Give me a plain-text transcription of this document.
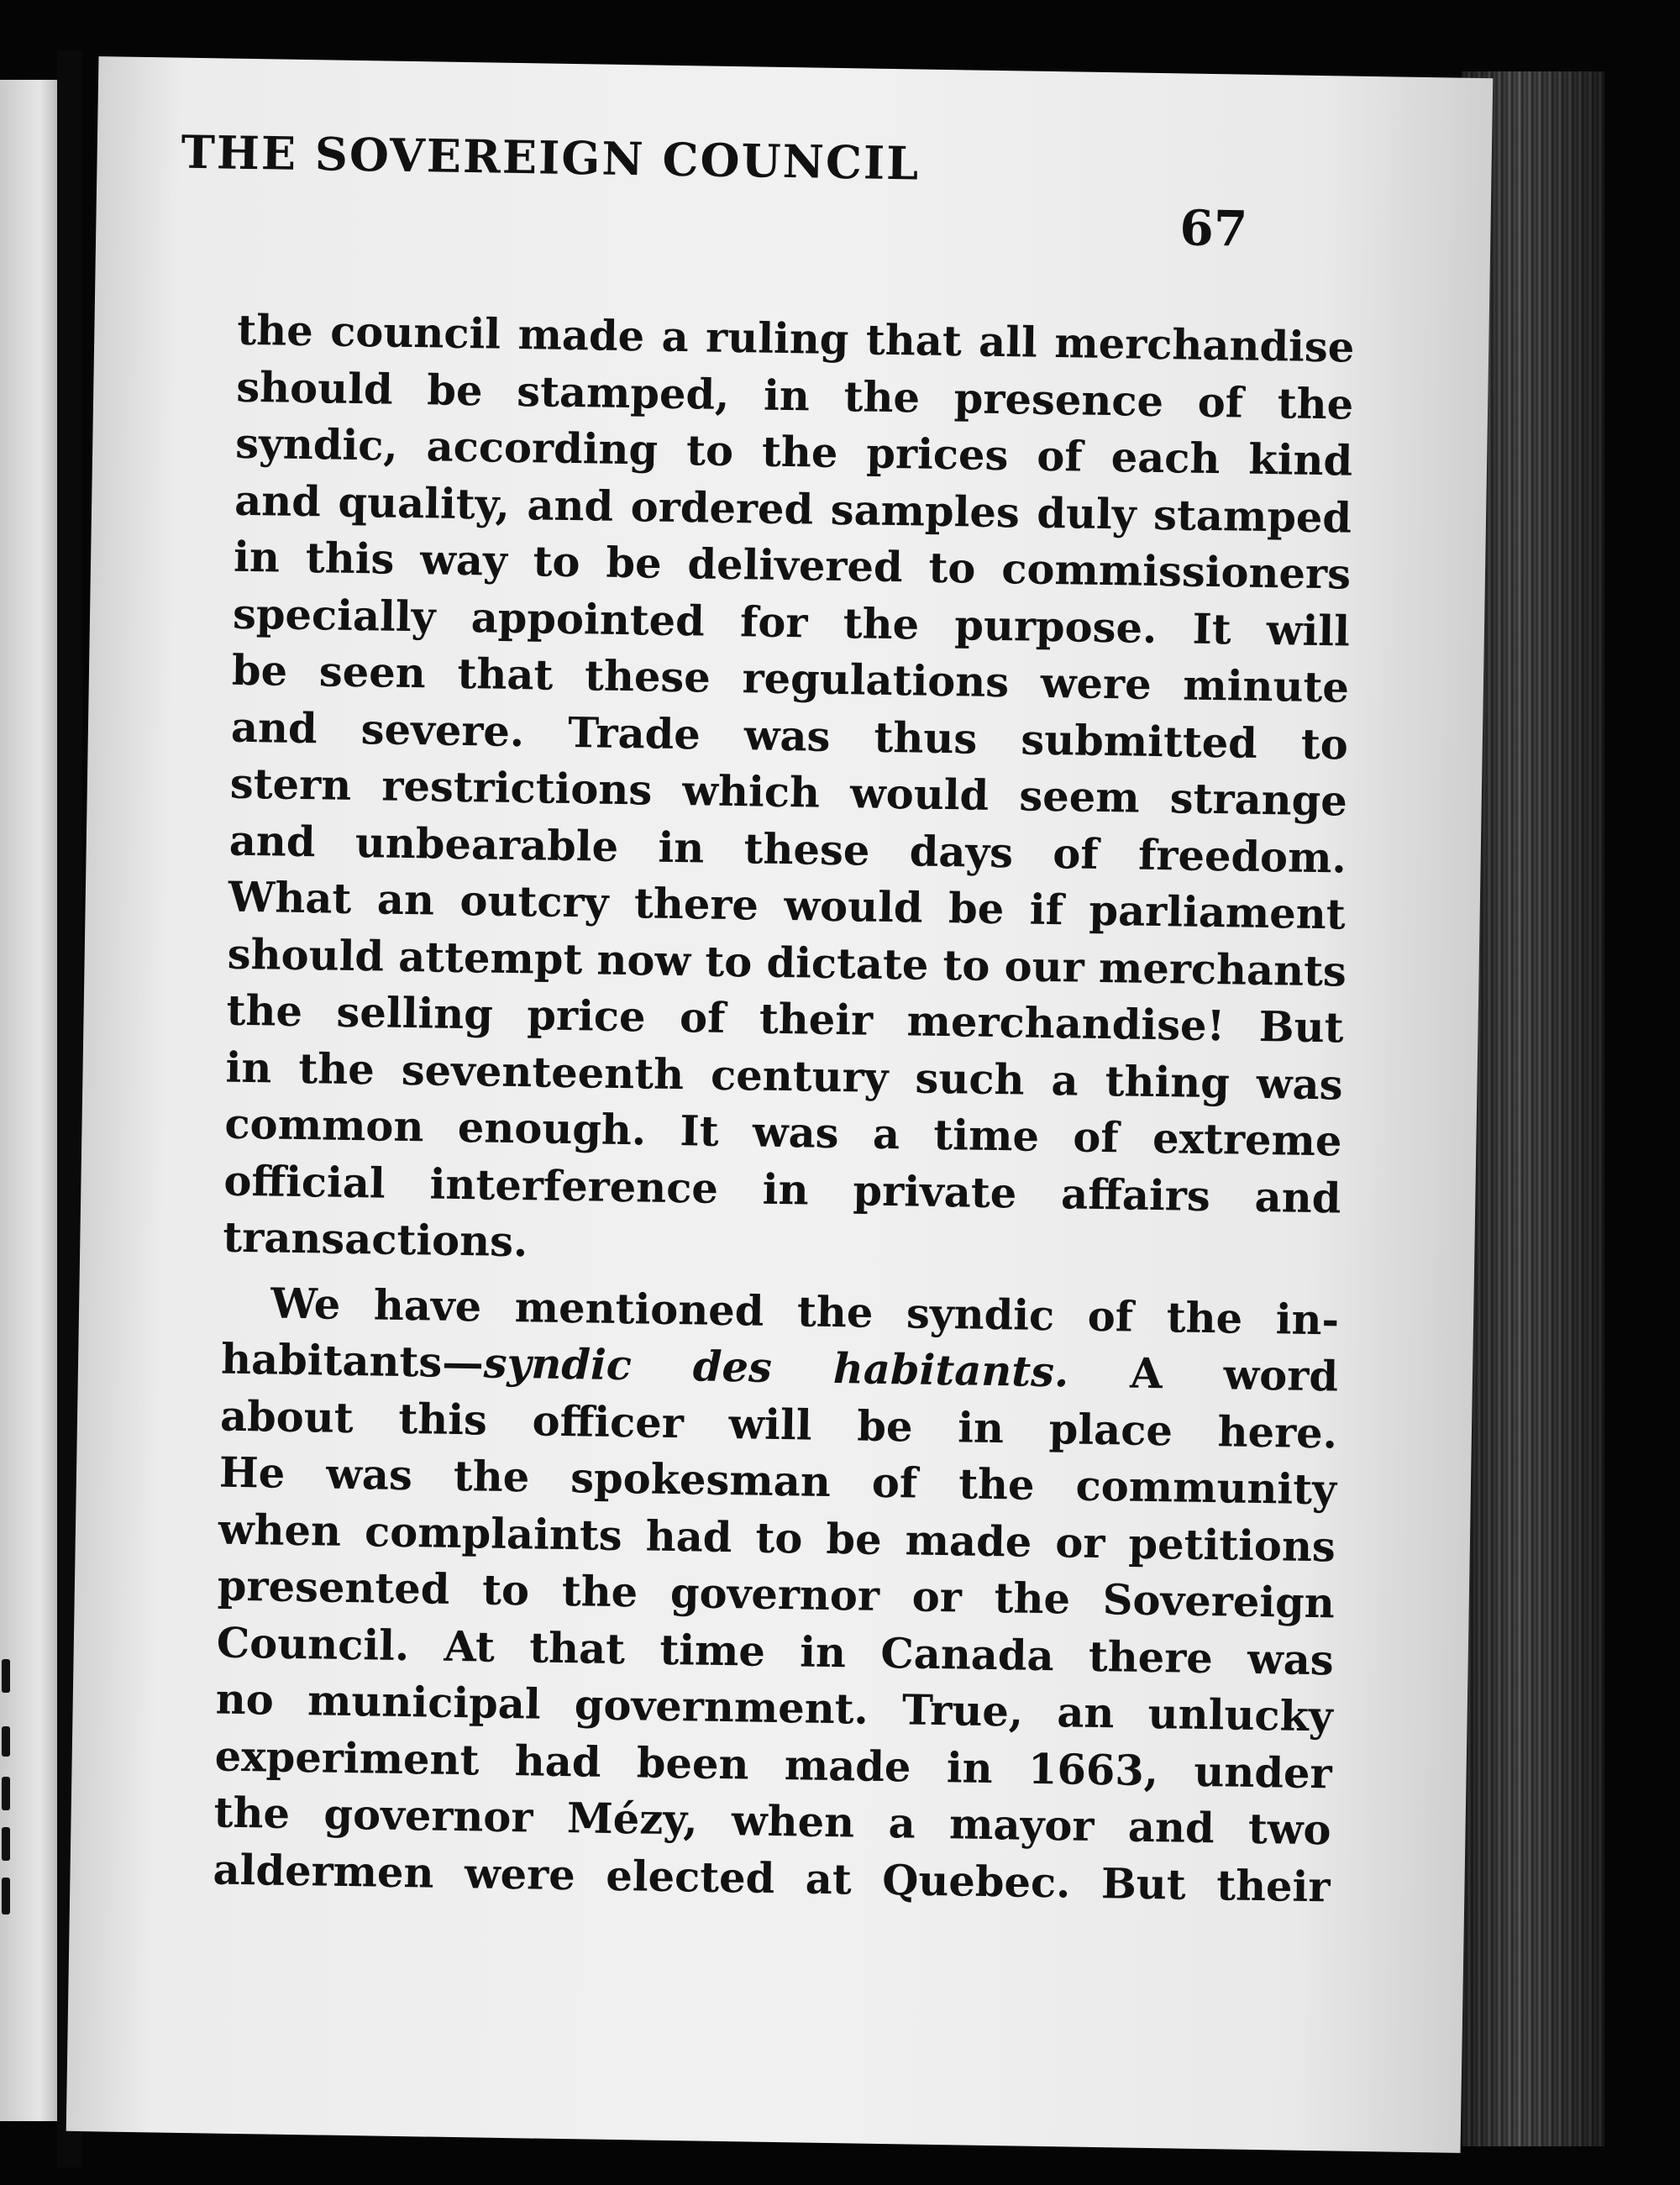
THE SOVEREIGN COUNCIL
67
the council made a ruling that all merchandise
should be stamped, in the presence of the
syndic, according to the prices of each kind
and quality, and ordered samples duly stamped
in this way to be delivered to commissioners
specially appointed for the purpose. It will
be seen that these regulations were minute
and severe. Trade was thus submitted to
stern restrictions which would seem strange
and unbearable in these days of freedom.
What an outcry there would be if parliament
should attempt now to dictate to our merchants
the selling price of their merchandise! But
in the seventeenth century such a thing was
common enough. It was a time of extreme
official interference in private affairs and
transactions.
We have mentioned the syndic of the in-
habitants—syndic des habitants. A word
about this officer will be in place here.
He was the spokesman of the community
when complaints had to be made or petitions
presented to the governor or the Sovereign
Council. At that time in Canada there was
no municipal government. True, an unlucky
experiment had been made in 1663, under
the governor Mézy, when a mayor and two
aldermen were elected at Quebec. But their
